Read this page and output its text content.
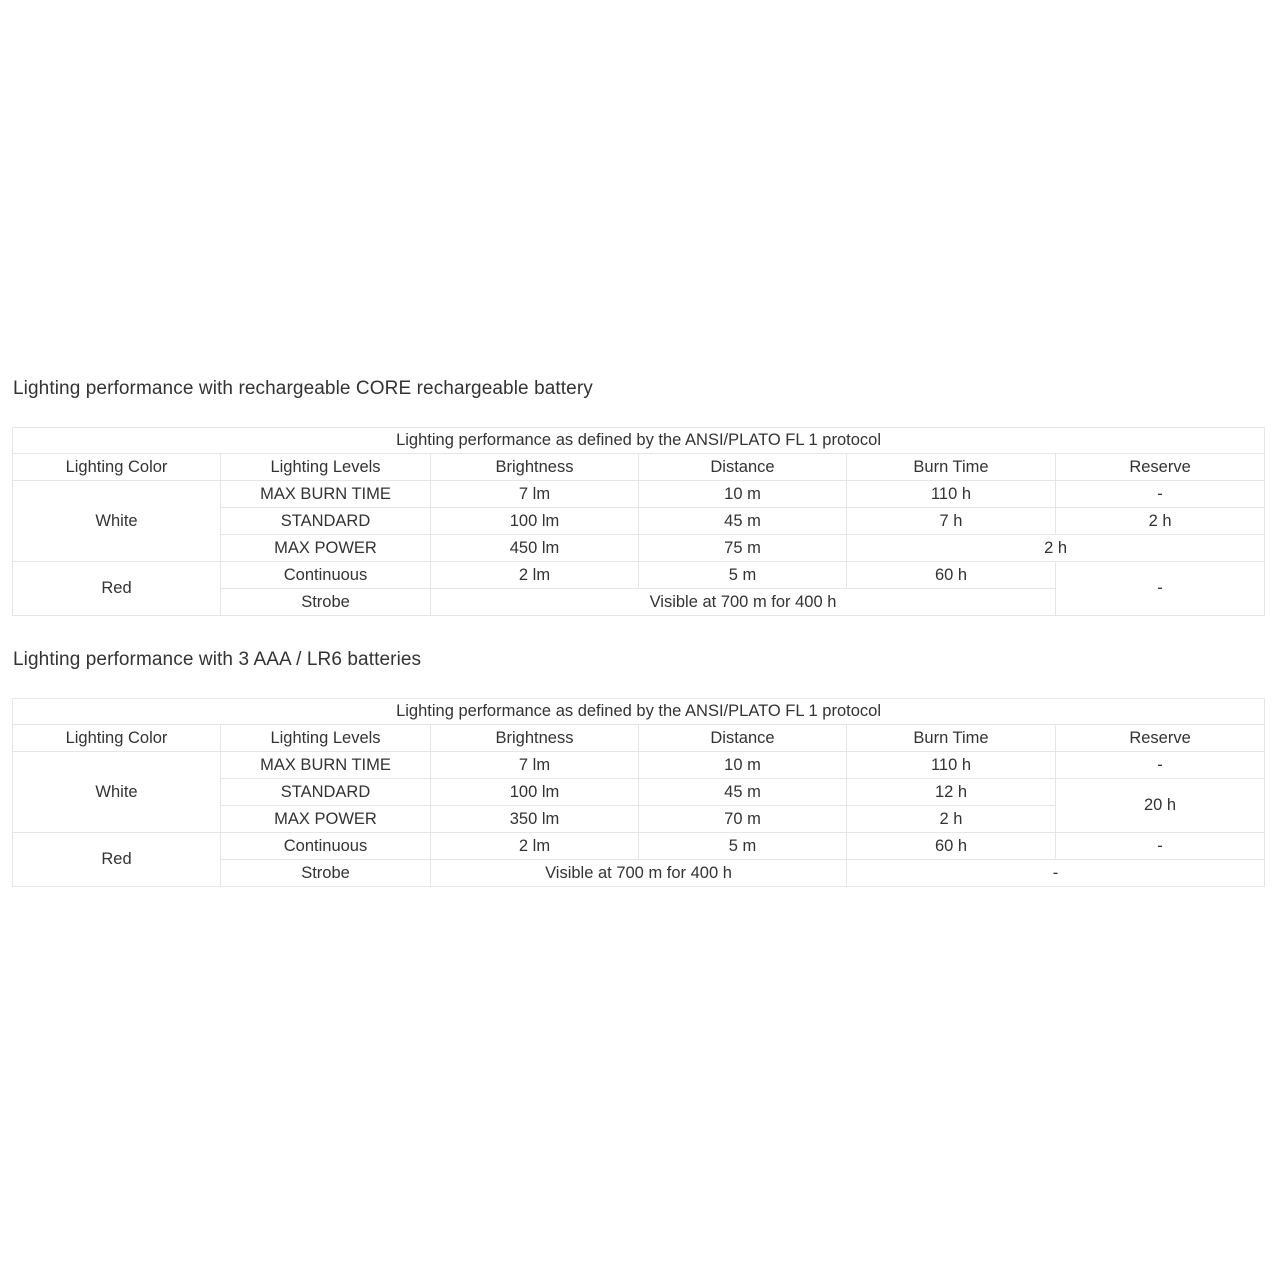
Lighting performance with rechargeable CORE rechargeable battery
Lighting performance as defined by the ANSI/PLATO FL 1 protocol					
Lighting Color	Lighting Levels	Brightness	Distance	Burn Time	Reserve
White	MAX BURN TIME	7 lm	10 m	110 h	-
	STANDARD	100 lm	45 m	7 h	2 h
	MAX POWER	450 lm	75 m	2 h	
Red	Continuous	2 lm	5 m	60 h	-
	Strobe	Visible at 700 m for 400 h			
Lighting performance with 3 AAA / LR6 batteries
Lighting performance as defined by the ANSI/PLATO FL 1 protocol					
Lighting Color	Lighting Levels	Brightness	Distance	Burn Time	Reserve
White	MAX BURN TIME	7 lm	10 m	110 h	-
	STANDARD	100 lm	45 m	12 h	20 h
	MAX POWER	350 lm	70 m	2 h	
Red	Continuous	2 lm	5 m	60 h	-
	Strobe	Visible at 700 m for 400 h		-	
